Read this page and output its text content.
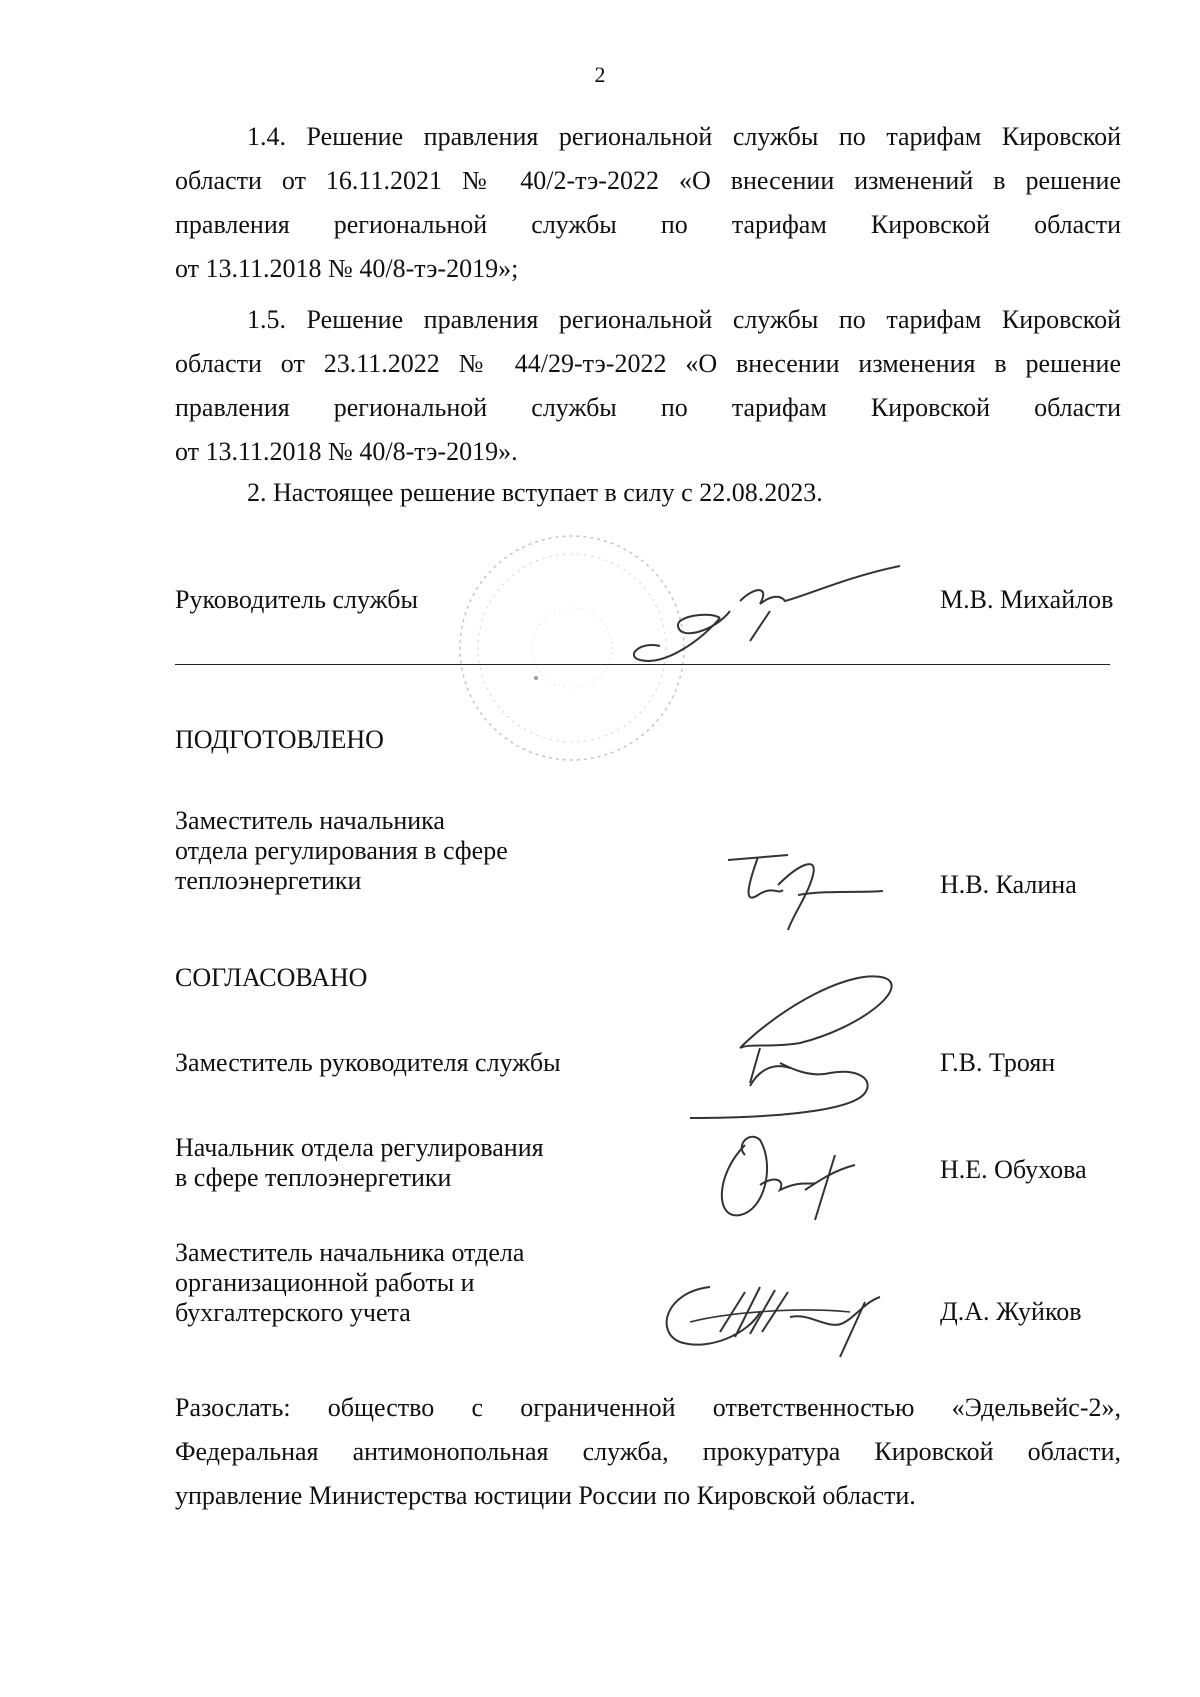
2
1.4. Решение правления региональной службы по тарифам Кировской
области от 16.11.2021 № 40/2-тэ-2022 «О внесении изменений в решение
правления региональной службы по тарифам Кировской области
от 13.11.2018 № 40/8-тэ-2019»;
1.5. Решение правления региональной службы по тарифам Кировской
области от 23.11.2022 № 44/29-тэ-2022 «О внесении изменения в решение
правления региональной службы по тарифам Кировской области
от 13.11.2018 № 40/8-тэ-2019».
2. Настоящее решение вступает в силу с 22.08.2023.
Руководитель службы	М.В. Михайлов
ПОДГОТОВЛЕНО
Заместитель начальника
отдела регулирования в сфере
теплоэнергетики	Н.В. Калина
СОГЛАСОВАНО
Заместитель руководителя службы	Г.В. Троян
Начальник отдела регулирования
в сфере теплоэнергетики	Н.Е. Обухова
Заместитель начальника отдела
организационной работы и
бухгалтерского учета	Д.А. Жуйков
Разослать: общество с ограниченной ответственностью «Эдельвейс-2»,
Федеральная антимонопольная служба, прокуратура Кировской области,
управление Министерства юстиции России по Кировской области.
